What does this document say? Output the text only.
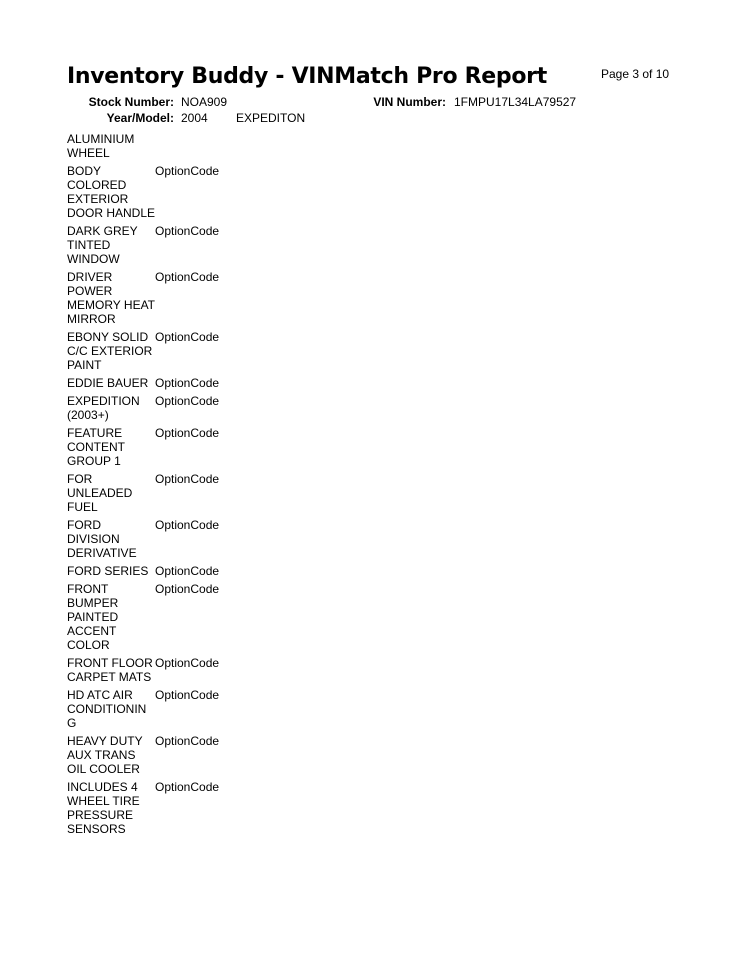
Inventory Buddy - VINMatch Pro Report	Page 3 of 10
Stock Number: NOA909	VIN Number: 1FMPU17L34LA79527
Year/Model: 2004 EXPEDITON
ALUMINIUM WHEEL
BODY COLORED EXTERIOR DOOR HANDLE
OptionCode
DARK GREY TINTED WINDOW
OptionCode
DRIVER POWER MEMORY HEAT MIRROR
OptionCode
EBONY SOLID C/C EXTERIOR PAINT
OptionCode
EDDIE BAUER OptionCode
EXPEDITION (2003+)
OptionCode
FEATURE CONTENT GROUP 1
OptionCode
FOR UNLEADED FUEL
OptionCode
FORD DIVISION DERIVATIVE
OptionCode
FORD SERIES OptionCode
FRONT BUMPER PAINTED ACCENT COLOR
OptionCode
FRONT FLOOR CARPET MATS
OptionCode
HD ATC AIR CONDITIONING
OptionCode
HEAVY DUTY AUX TRANS OIL COOLER
OptionCode
INCLUDES 4 WHEEL TIRE PRESSURE SENSORS
OptionCode
